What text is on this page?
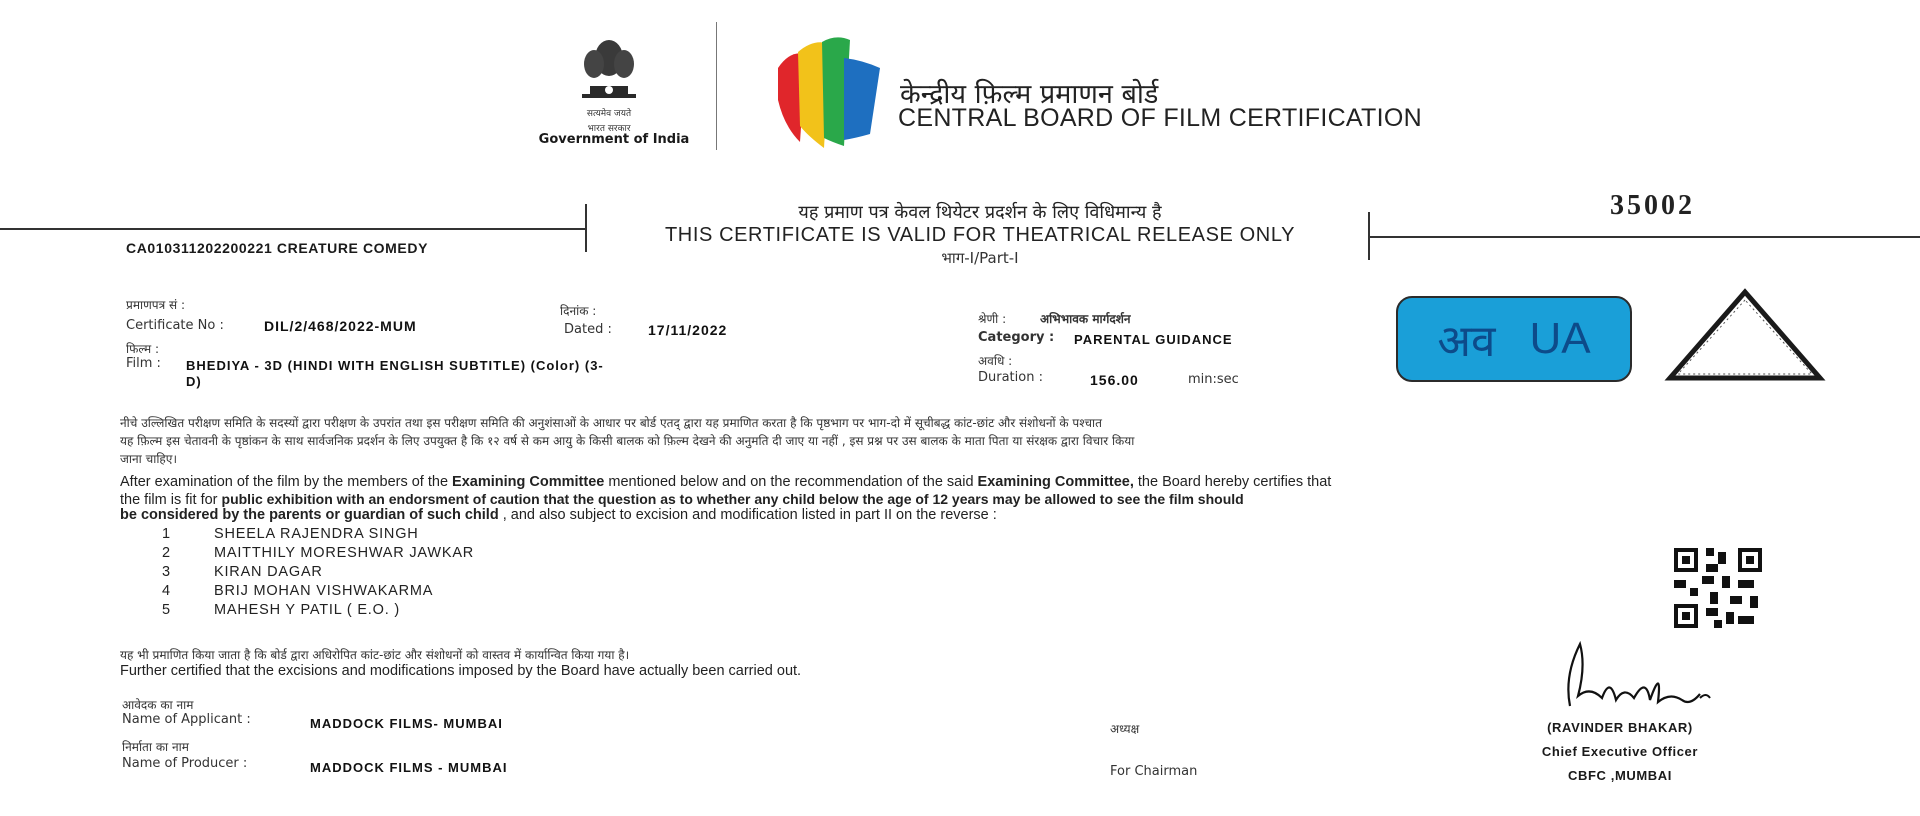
सत्यमेव जयते
भारत सरकार
Government of India
केन्द्रीय फ़िल्म प्रमाणन बोर्ड
CENTRAL BOARD OF FILM CERTIFICATION
CA010311202200221 CREATURE COMEDY
यह प्रमाण पत्र केवल थियेटर प्रदर्शन के लिए विधिमान्य है
THIS CERTIFICATE IS VALID FOR THEATRICAL RELEASE ONLY
भाग-I/Part-I
35002
प्रमाणपत्र सं :
Certificate No :	DIL/2/468/2022-MUM
दिनांक :
Dated :	17/11/2022
फिल्म :
Film : BHEDIYA - 3D (HINDI WITH ENGLISH SUBTITLE) (Color) (3-
D)
श्रेणी :	अभिभावक मार्गदर्शन
Category : PARENTAL GUIDANCE
अवधि :
Duration :	156.00	min:sec
अव UA
नीचे उल्लिखित परीक्षण समिति के सदस्यों द्वारा परीक्षण के उपरांत तथा इस परीक्षण समिति की अनुशंसाओं के आधार पर बोर्ड एतद् द्वारा यह प्रमाणित करता है कि पृष्ठभाग पर भाग-दो में सूचीबद्ध कांट-छांट और संशोधनों के पश्चात
यह फ़िल्म इस चेतावनी के पृष्ठांकन के साथ सार्वजनिक प्रदर्शन के लिए उपयुक्त है कि १२ वर्ष से कम आयु के किसी बालक को फ़िल्म देखने की अनुमति दी जाए या नहीं , इस प्रश्न पर उस बालक के माता पिता या संरक्षक द्वारा विचार किया
जाना चाहिए।
After examination of the film by the members of the Examining Committee mentioned below and on the recommendation of the said Examining Committee, the Board hereby certifies that
the film is fit for public exhibition with an endorsment of caution that the question as to whether any child below the age of 12 years may be allowed to see the film should
be considered by the parents or guardian of such child , and also subject to excision and modification listed in part II on the reverse :
1	SHEELA RAJENDRA SINGH
2	MAITTHILY MORESHWAR JAWKAR
3	KIRAN DAGAR
4	BRIJ MOHAN VISHWAKARMA
5	MAHESH Y PATIL ( E.O. )
यह भी प्रमाणित किया जाता है कि बोर्ड द्वारा अधिरोपित कांट-छांट और संशोधनों को वास्तव में कार्यान्वित किया गया है।
Further certified that the excisions and modifications imposed by the Board have actually been carried out.
आवेदक का नाम
Name of Applicant :	MADDOCK FILMS- MUMBAI
निर्माता का नाम
Name of Producer :	MADDOCK FILMS - MUMBAI
अध्यक्ष
For Chairman
(RAVINDER BHAKAR)
Chief Executive Officer
CBFC ,MUMBAI
